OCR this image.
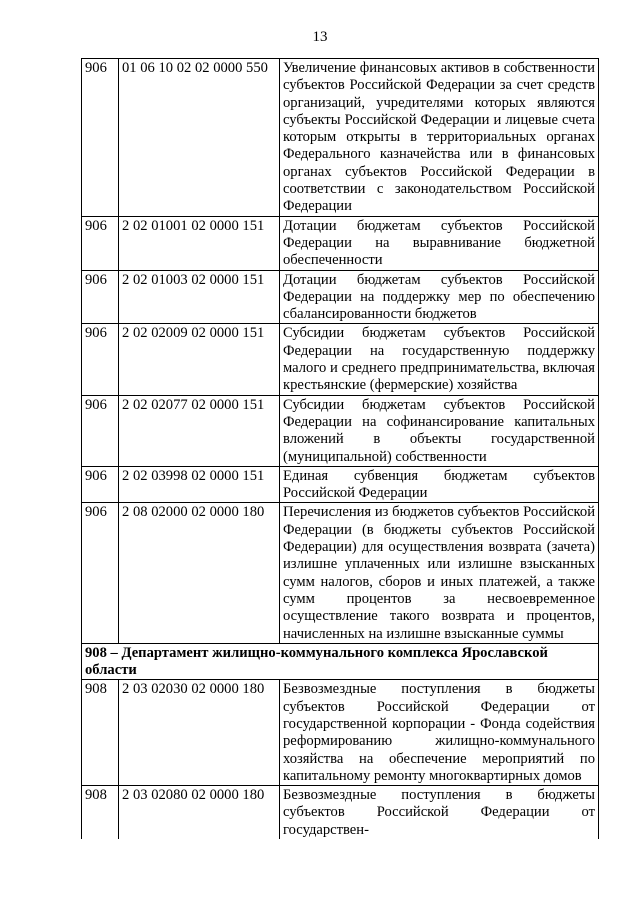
13
906	01 06 10 02 02 0000 550	Увеличение финансовых активов в собственности субъектов Российской Федерации за счет средств организаций, учредителями которых являются субъекты Российской Федерации и лицевые счета которым открыты в территориальных органах Федерального казначейства или в финансовых органах субъектов Российской Федерации в соответствии с законодательством Российской Федерации
906	2 02 01001 02 0000 151	Дотации бюджетам субъектов Российской Федерации на выравнивание бюджетной обеспеченности
906	2 02 01003 02 0000 151	Дотации бюджетам субъектов Российской Федерации на поддержку мер по обеспечению сбалансированности бюджетов
906	2 02 02009 02 0000 151	Субсидии бюджетам субъектов Российской Федерации на государственную поддержку малого и среднего предпринимательства, включая крестьянские (фермерские) хозяйства
906	2 02 02077 02 0000 151	Субсидии бюджетам субъектов Российской Федерации на софинансирование капитальных вложений в объекты государственной (муниципальной) собственности
906	2 02 03998 02 0000 151	Единая субвенция бюджетам субъектов Российской Федерации
906	2 08 02000 02 0000 180	Перечисления из бюджетов субъектов Российской Федерации (в бюджеты субъектов Российской Федерации) для осуществления возврата (зачета) излишне уплаченных или излишне взысканных сумм налогов, сборов и иных платежей, а также сумм процентов за несвоевременное осуществление такого возврата и процентов, начисленных на излишне взысканные суммы
908 – Департамент жилищно-коммунального комплекса Ярославской области		
908	2 03 02030 02 0000 180	Безвозмездные поступления в бюджеты субъектов Российской Федерации от государственной корпорации - Фонда содействия реформированию жилищно-коммунального хозяйства на обеспечение мероприятий по капитальному ремонту многоквартирных домов
908	2 03 02080 02 0000 180	Безвозмездные поступления в бюджеты субъектов Российской Федерации от государствен-
